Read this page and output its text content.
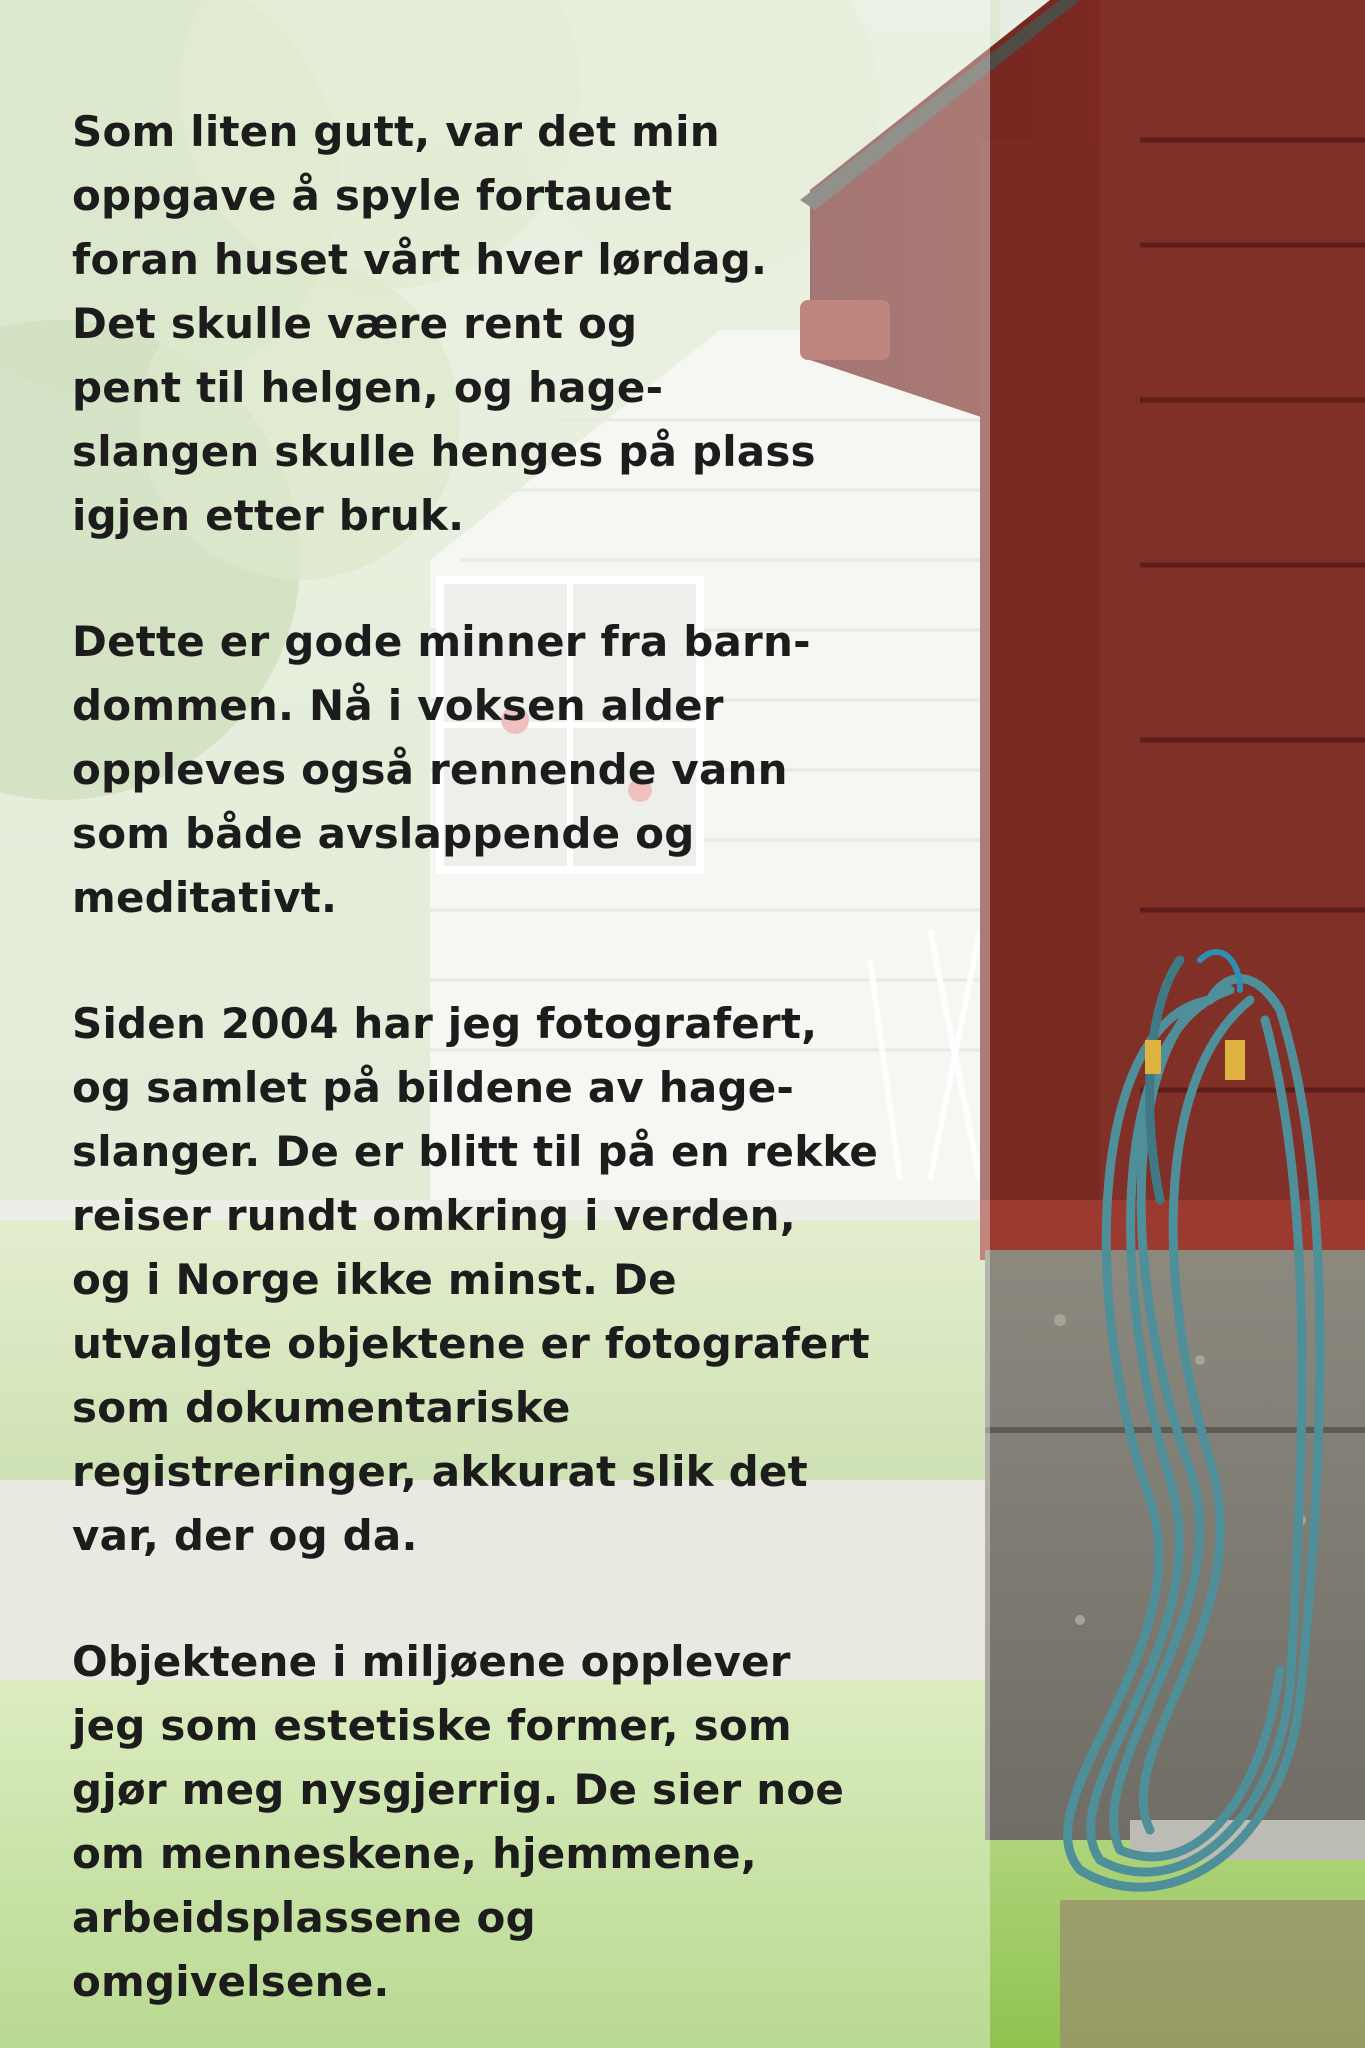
Som liten gutt, var det min
oppgave å spyle fortauet
foran huset vårt hver lørdag.
Det skulle være rent og
pent til helgen, og hage-
slangen skulle henges på plass
igjen etter bruk.
Dette er gode minner fra barn-
dommen. Nå i voksen alder
oppleves også rennende vann
som både avslappende og
meditativt.
Siden 2004 har jeg fotografert,
og samlet på bildene av hage-
slanger. De er blitt til på en rekke
reiser rundt omkring i verden,
og i Norge ikke minst. De
utvalgte objektene er fotografert
som dokumentariske
registreringer, akkurat slik det
var, der og da.
Objektene i miljøene opplever
jeg som estetiske former, som
gjør meg nysgjerrig. De sier noe
om menneskene, hjemmene,
arbeidsplassene og
omgivelsene.
